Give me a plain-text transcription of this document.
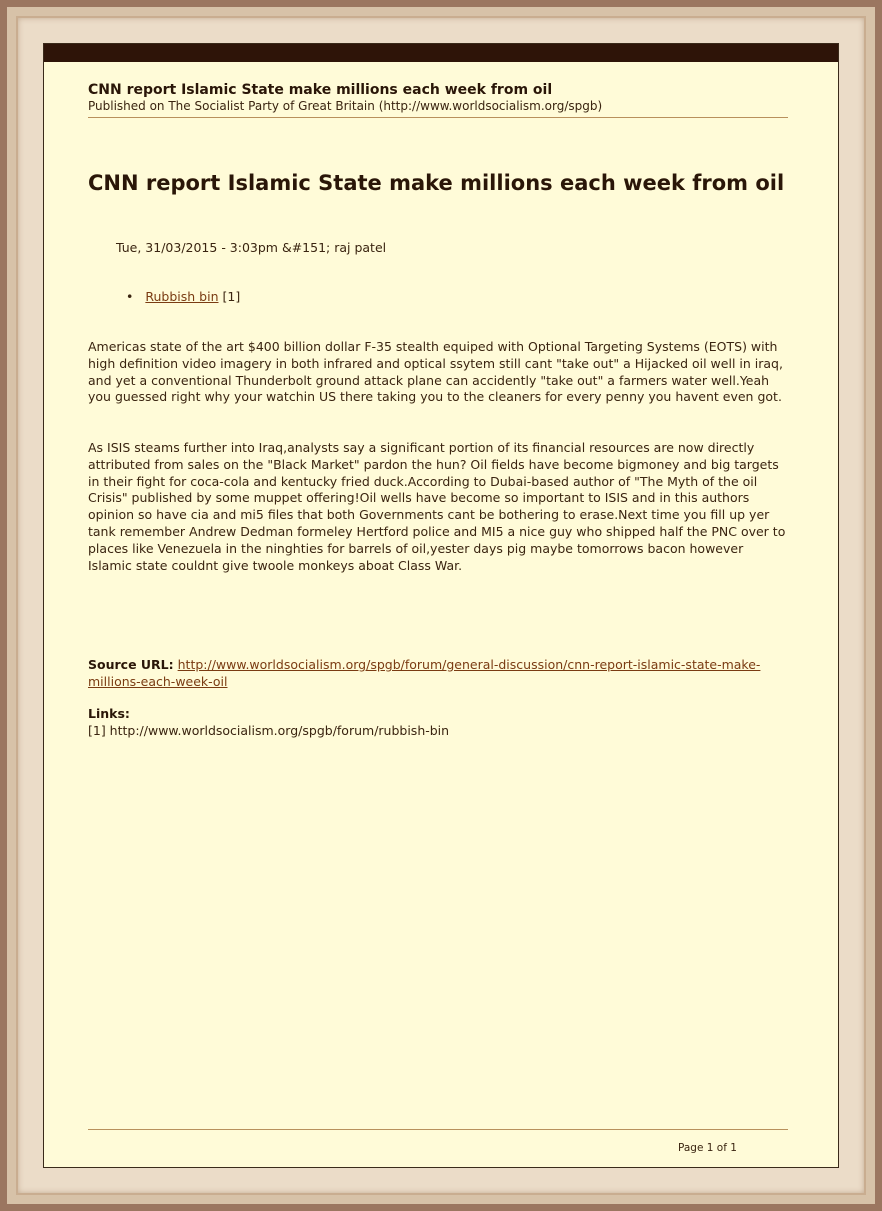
CNN report Islamic State make millions each week from oil
Published on The Socialist Party of Great Britain (http://www.worldsocialism.org/spgb)
CNN report Islamic State make millions each week from oil
Tue, 31/03/2015 - 3:03pm &#151; raj patel
• Rubbish bin [1]

Americas state of the art $400 billion dollar F-35 stealth equiped with Optional Targeting Systems (EOTS) with high definition video imagery in both infrared and optical ssytem still cant "take out" a Hijacked oil well in iraq, and yet a conventional Thunderbolt ground attack plane can accidently "take out" a farmers water well.Yeah you guessed right why your watchin US there taking you to the cleaners for every penny you havent even got.

As ISIS steams further into Iraq,analysts say a significant portion of its financial resources are now directly attributed from sales on the "Black Market" pardon the hun? Oil fields have become bigmoney and big targets in their fight for coca-cola and kentucky fried duck.According to Dubai-based author of "The Myth of the oil Crisis" published by some muppet offering!Oil wells have become so important to ISIS and in this authors opinion so have cia and mi5 files that both Governments cant be bothering to erase.Next time you fill up yer tank remember Andrew Dedman formeley Hertford police and MI5 a nice guy who shipped half the PNC over to places like Venezuela in the ninghties for barrels of oil,yester days pig maybe tomorrows bacon however Islamic state couldnt give twoole monkeys aboat Class War.

Source URL: http://www.worldsocialism.org/spgb/forum/general-discussion/cnn-report-islamic-state-make-millions-each-week-oil
Links:
[1] http://www.worldsocialism.org/spgb/forum/rubbish-bin
Page 1 of 1
